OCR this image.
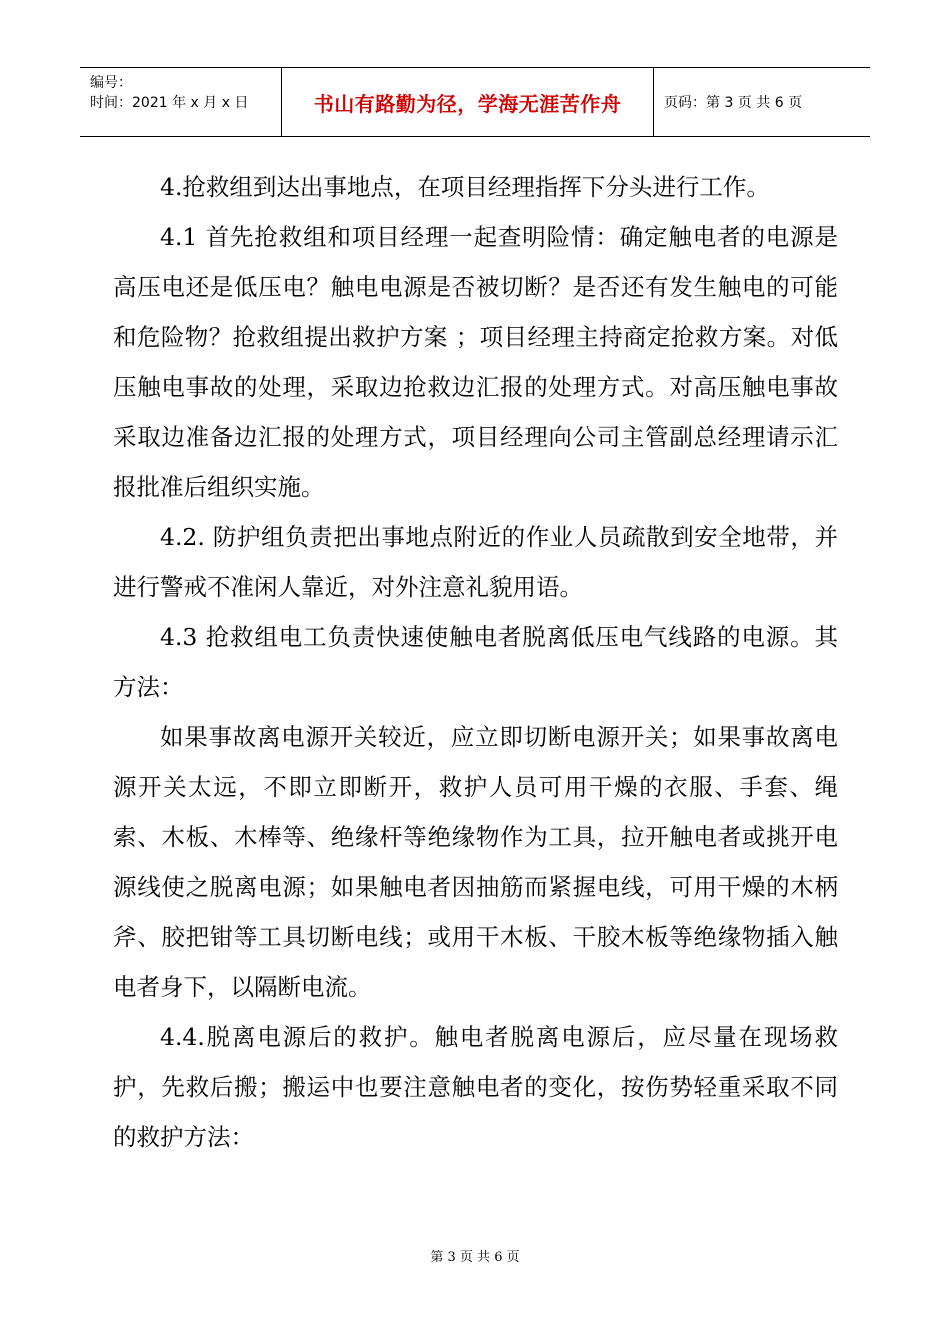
编号：
时间：2021 年 x 月 x 日	书山有路勤为径，学海无涯苦作舟	页码：第 3 页 共 6 页

4.抢救组到达出事地点，在项目经理指挥下分头进行工作。

4.1 首先抢救组和项目经理一起查明险情：确定触电者的电源是高压电还是低压电？触电电源是否被切断？是否还有发生触电的可能和危险物？抢救组提出救护方案 ；项目经理主持商定抢救方案。对低压触电事故的处理，采取边抢救边汇报的处理方式。对高压触电事故采取边准备边汇报的处理方式，项目经理向公司主管副总经理请示汇报批准后组织实施。

4.2. 防护组负责把出事地点附近的作业人员疏散到安全地带，并进行警戒不准闲人靠近，对外注意礼貌用语。

4.3 抢救组电工负责快速使触电者脱离低压电气线路的电源。其方法：

如果事故离电源开关较近，应立即切断电源开关；如果事故离电源开关太远，不即立即断开，救护人员可用干燥的衣服、手套、绳索、木板、木棒等、绝缘杆等绝缘物作为工具，拉开触电者或挑开电源线使之脱离电源；如果触电者因抽筋而紧握电线，可用干燥的木柄斧、胶把钳等工具切断电线；或用干木板、干胶木板等绝缘物插入触电者身下，以隔断电流。

4.4.脱离电源后的救护。触电者脱离电源后，应尽量在现场救护，先救后搬；搬运中也要注意触电者的变化，按伤势轻重采取不同的救护方法：

第 3 页 共 6 页
